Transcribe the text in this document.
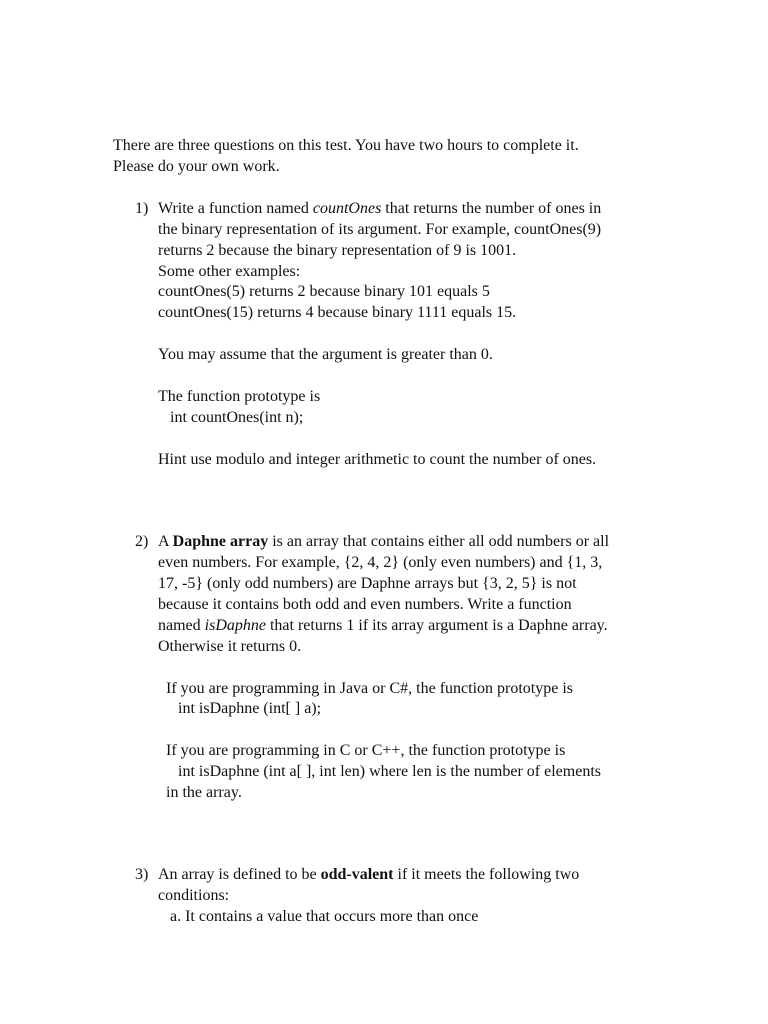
There are three questions on this test. You have two hours to complete it.
Please do your own work.
1) Write a function named countOnes that returns the number of ones in
the binary representation of its argument. For example, countOnes(9)
returns 2 because the binary representation of 9 is 1001.
Some other examples:
countOnes(5) returns 2 because binary 101 equals 5
countOnes(15) returns 4 because binary 1111 equals 15.
You may assume that the argument is greater than 0.
The function prototype is
int countOnes(int n);
Hint use modulo and integer arithmetic to count the number of ones.
2) A Daphne array is an array that contains either all odd numbers or all
even numbers. For example, {2, 4, 2} (only even numbers) and {1, 3,
17, -5} (only odd numbers) are Daphne arrays but {3, 2, 5} is not
because it contains both odd and even numbers. Write a function
named isDaphne that returns 1 if its array argument is a Daphne array.
Otherwise it returns 0.
If you are programming in Java or C#, the function prototype is
int isDaphne (int[ ] a);
If you are programming in C or C++, the function prototype is
int isDaphne (int a[ ], int len) where len is the number of elements
in the array.
3) An array is defined to be odd-valent if it meets the following two
conditions:
a. It contains a value that occurs more than once
